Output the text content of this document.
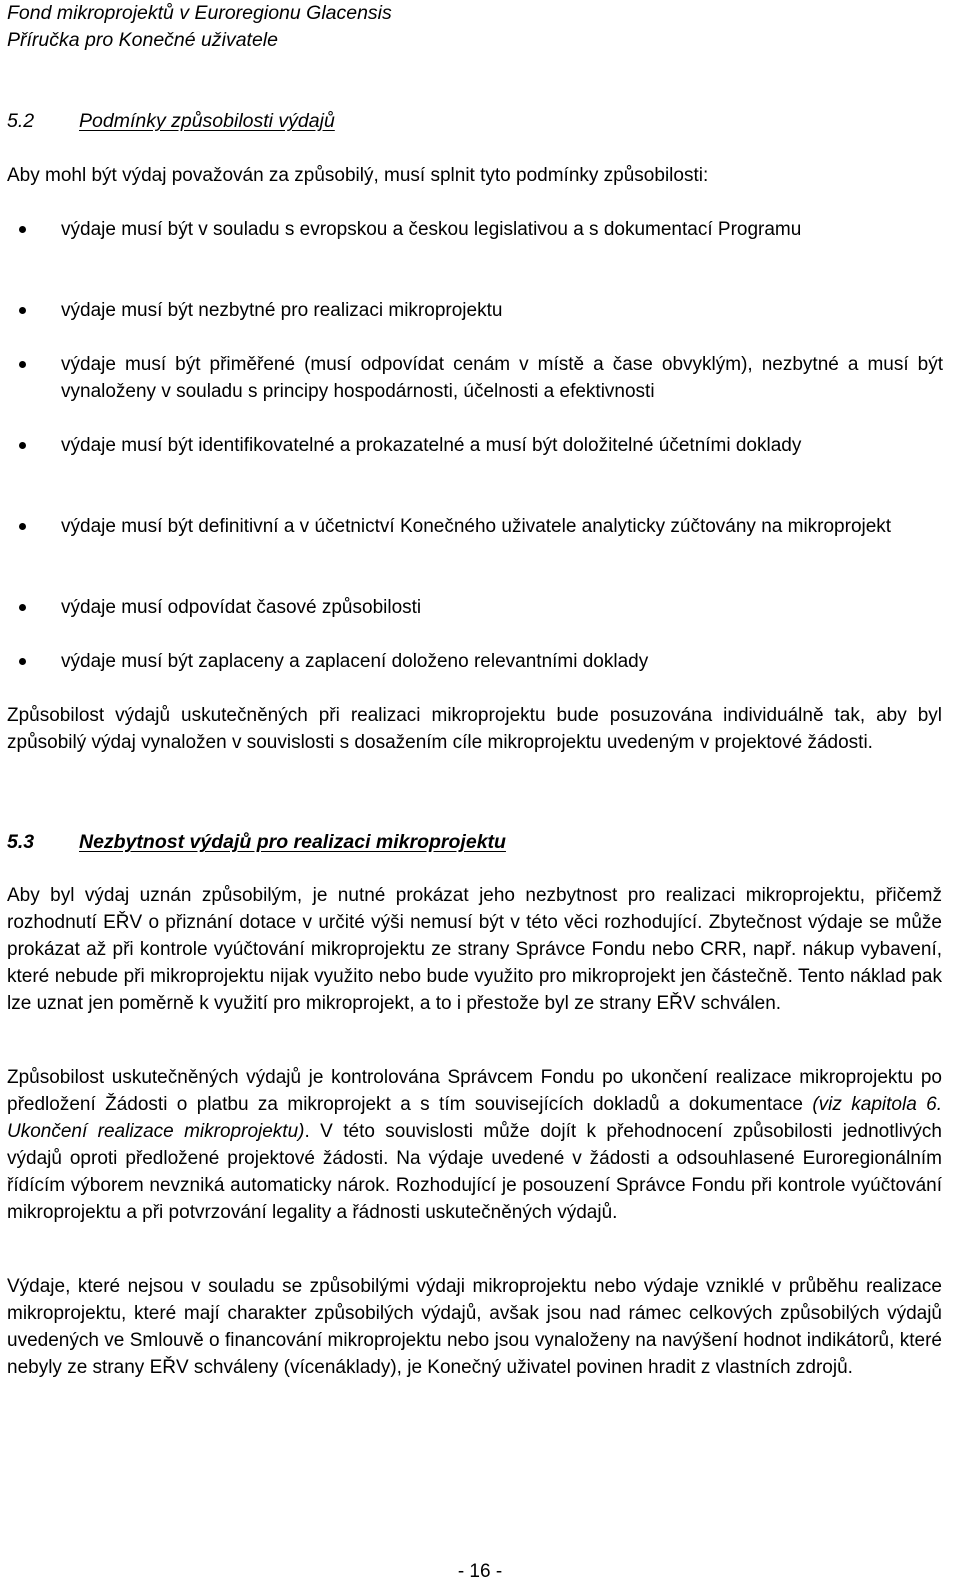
Fond mikroprojektů v Euroregionu Glacensis
Příručka pro Konečné uživatele
5.2 Podmínky způsobilosti výdajů

Aby mohl být výdaj považován za způsobilý, musí splnit tyto podmínky způsobilosti:

výdaje musí být v souladu s evropskou a českou legislativou a s dokumentací Programu
výdaje musí být nezbytné pro realizaci mikroprojektu
výdaje musí být přiměřené (musí odpovídat cenám v místě a čase obvyklým), nezbytné a musí být vynaloženy v souladu s principy hospodárnosti, účelnosti a efektivnosti
výdaje musí být identifikovatelné a prokazatelné a musí být doložitelné účetními doklady
výdaje musí být definitivní a v účetnictví Konečného uživatele analyticky zúčtovány na mikroprojekt
výdaje musí odpovídat časové způsobilosti
výdaje musí být zaplaceny a zaplacení doloženo relevantními doklady

Způsobilost výdajů uskutečněných při realizaci mikroprojektu bude posuzována individuálně tak, aby byl způsobilý výdaj vynaložen v souvislosti s dosažením cíle mikroprojektu uvedeným v projektové žádosti.

5.3 Nezbytnost výdajů pro realizaci mikroprojektu

Aby byl výdaj uznán způsobilým, je nutné prokázat jeho nezbytnost pro realizaci mikroprojektu, přičemž rozhodnutí EŘV o přiznání dotace v určité výši nemusí být v této věci rozhodující. Zbytečnost výdaje se může prokázat až při kontrole vyúčtování mikroprojektu ze strany Správce Fondu nebo CRR, např. nákup vybavení, které nebude při mikroprojektu nijak využito nebo bude využito pro mikroprojekt jen částečně. Tento náklad pak lze uznat jen poměrně k využití pro mikroprojekt, a to i přestože byl ze strany EŘV schválen.

Způsobilost uskutečněných výdajů je kontrolována Správcem Fondu po ukončení realizace mikroprojektu po předložení Žádosti o platbu za mikroprojekt a s tím souvisejících dokladů a dokumentace (viz kapitola 6. Ukončení realizace mikroprojektu). V této souvislosti může dojít k přehodnocení způsobilosti jednotlivých výdajů oproti předložené projektové žádosti. Na výdaje uvedené v žádosti a odsouhlasené Euroregionálním řídícím výborem nevzniká automaticky nárok. Rozhodující je posouzení Správce Fondu při kontrole vyúčtování mikroprojektu a při potvrzování legality a řádnosti uskutečněných výdajů.

Výdaje, které nejsou v souladu se způsobilými výdaji mikroprojektu nebo výdaje vzniklé v průběhu realizace mikroprojektu, které mají charakter způsobilých výdajů, avšak jsou nad rámec celkových způsobilých výdajů uvedených ve Smlouvě o financování mikroprojektu nebo jsou vynaloženy na navýšení hodnot indikátorů, které nebyly ze strany EŘV schváleny (vícenáklady), je Konečný uživatel povinen hradit z vlastních zdrojů.

- 16 -
